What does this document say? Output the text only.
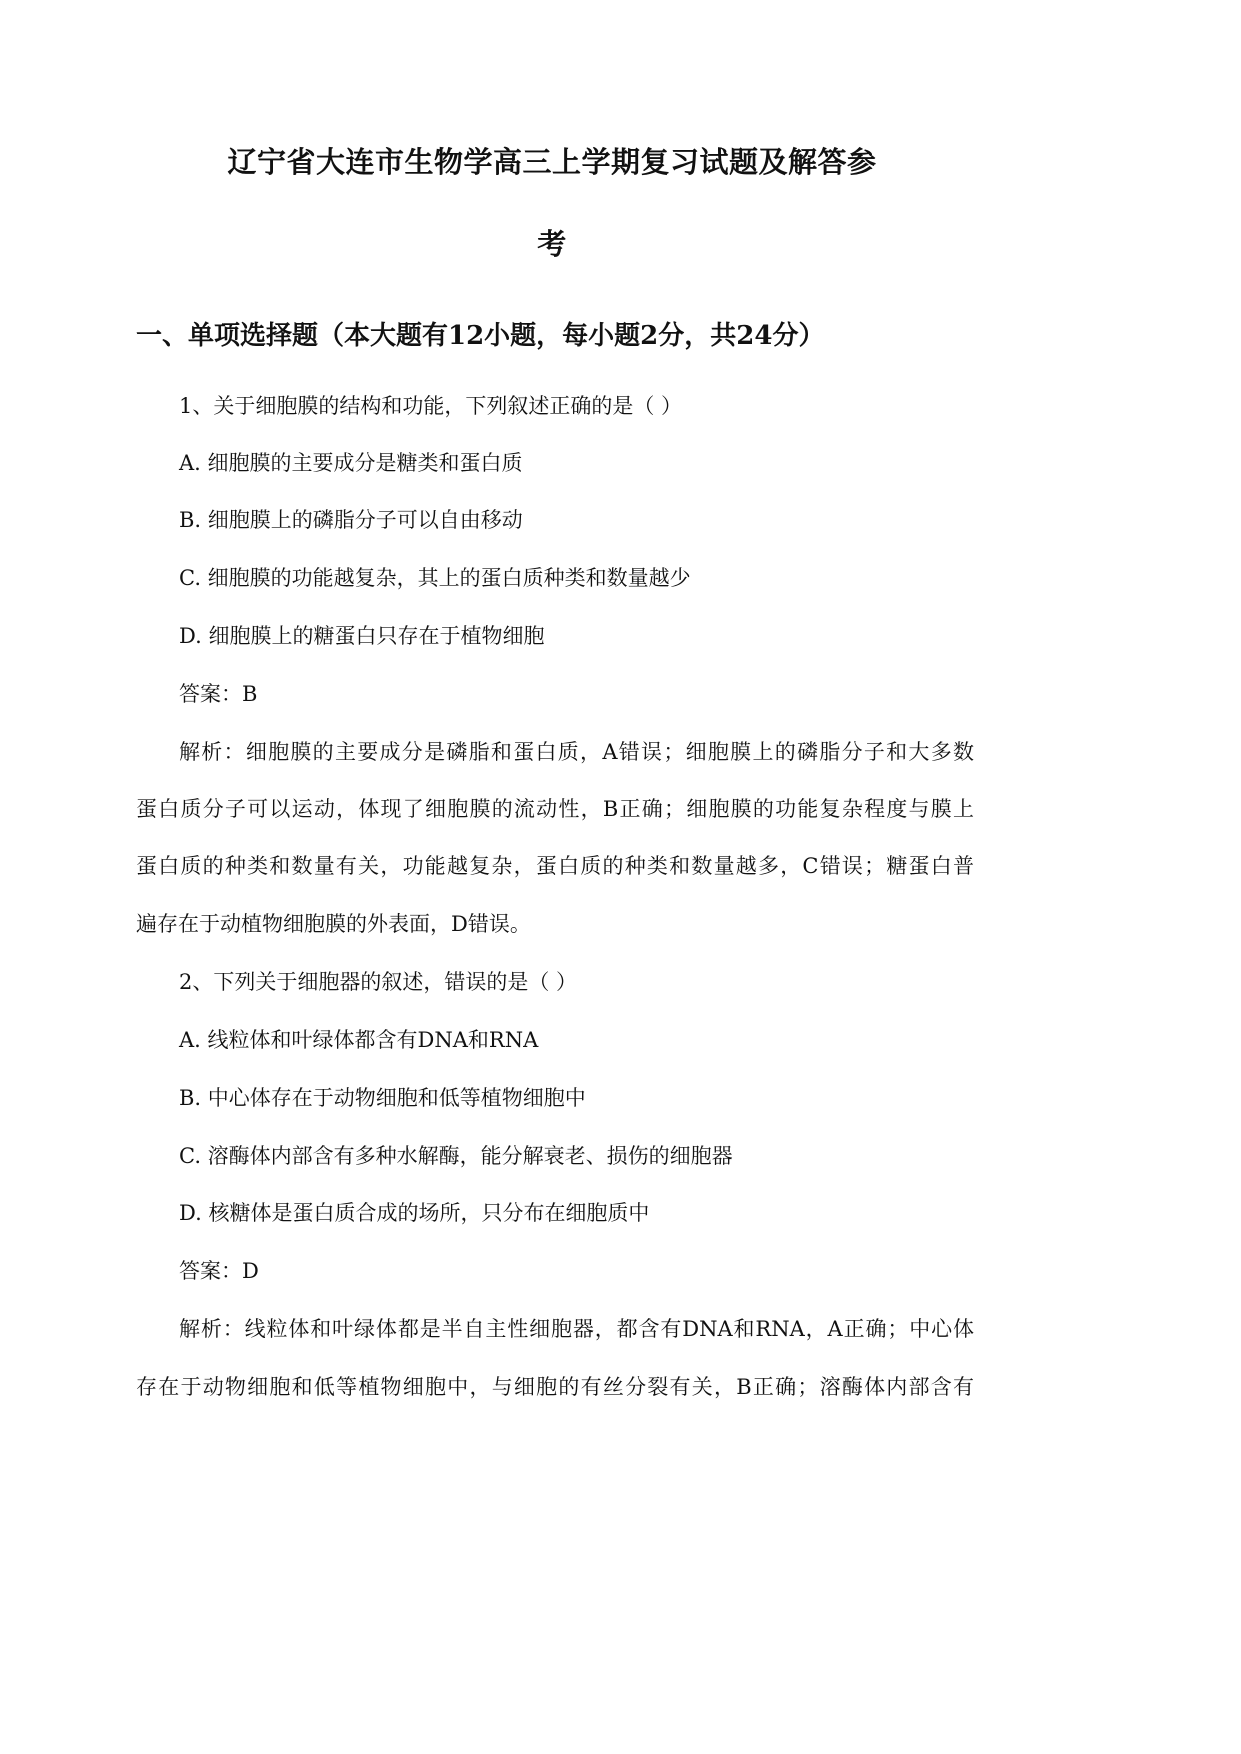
辽宁省大连市生物学高三上学期复习试题及解答参
考
一、单项选择题（本大题有12小题，每小题2分，共24分）
1、关于细胞膜的结构和功能，下列叙述正确的是（ ）
A. 细胞膜的主要成分是糖类和蛋白质
B. 细胞膜上的磷脂分子可以自由移动
C. 细胞膜的功能越复杂，其上的蛋白质种类和数量越少
D. 细胞膜上的糖蛋白只存在于植物细胞
答案：B
解析：细胞膜的主要成分是磷脂和蛋白质，A错误；细胞膜上的磷脂分子和大多数
蛋白质分子可以运动，体现了细胞膜的流动性，B正确；细胞膜的功能复杂程度与膜上
蛋白质的种类和数量有关，功能越复杂，蛋白质的种类和数量越多，C错误；糖蛋白普
遍存在于动植物细胞膜的外表面，D错误。
2、下列关于细胞器的叙述，错误的是（ ）
A. 线粒体和叶绿体都含有DNA和RNA
B. 中心体存在于动物细胞和低等植物细胞中
C. 溶酶体内部含有多种水解酶，能分解衰老、损伤的细胞器
D. 核糖体是蛋白质合成的场所，只分布在细胞质中
答案：D
解析：线粒体和叶绿体都是半自主性细胞器，都含有DNA和RNA，A正确；中心体
存在于动物细胞和低等植物细胞中，与细胞的有丝分裂有关，B正确；溶酶体内部含有
